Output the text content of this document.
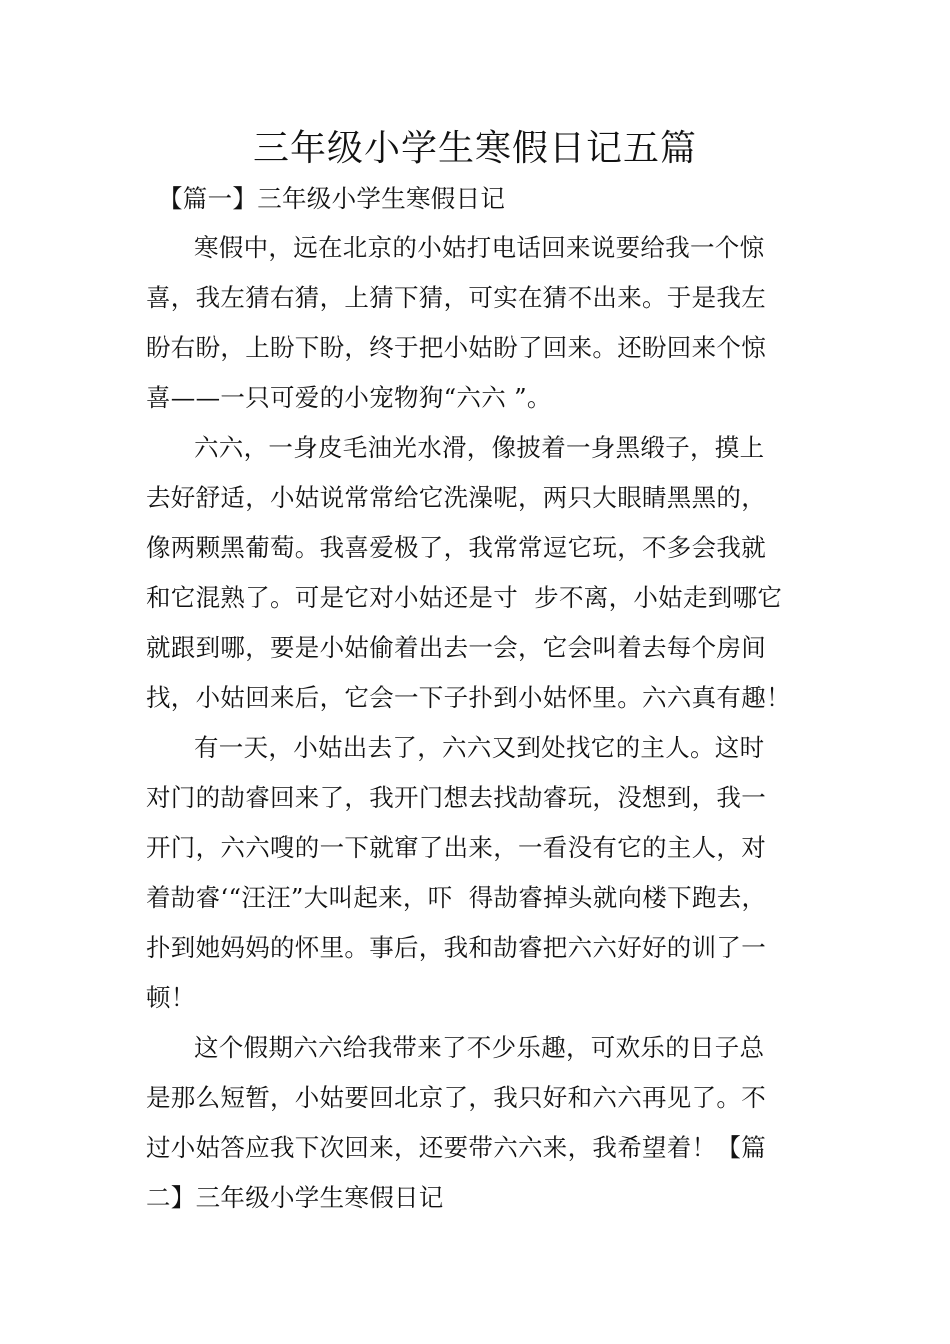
三年级小学生寒假日记五篇
【篇一】三年级小学生寒假日记
寒假中，远在北京的小姑打电话回来说要给我一个惊
喜，我左猜右猜，上猜下猜，可实在猜不出来。于是我左
盼右盼，上盼下盼，终于把小姑盼了回来。还盼回来个惊
喜——一只可爱的小宠物狗“六六 ”。
六六，一身皮毛油光水滑，像披着一身黑缎子，摸上
去好舒适，小姑说常常给它洗澡呢，两只大眼睛黑黑的，
像两颗黑葡萄。我喜爱极了，我常常逗它玩，不多会我就
和它混熟了。可是它对小姑还是寸  步不离，小姑走到哪它
就跟到哪，要是小姑偷着出去一会，它会叫着去每个房间
找，小姑回来后，它会一下子扑到小姑怀里。六六真有趣！
有一天，小姑出去了，六六又到处找它的主人。这时
对门的劼睿回来了，我开门想去找劼睿玩，没想到，我一
开门，六六嗖的一下就窜了出来，一看没有它的主人，对
着劼睿‘“汪汪”大叫起来，吓  得劼睿掉头就向楼下跑去，
扑到她妈妈的怀里。事后，我和劼睿把六六好好的训了一
顿！
这个假期六六给我带来了不少乐趣，可欢乐的日子总
是那么短暂，小姑要回北京了，我只好和六六再见了。不
过小姑答应我下次回来，还要带六六来，我希望着！【篇
二】三年级小学生寒假日记
